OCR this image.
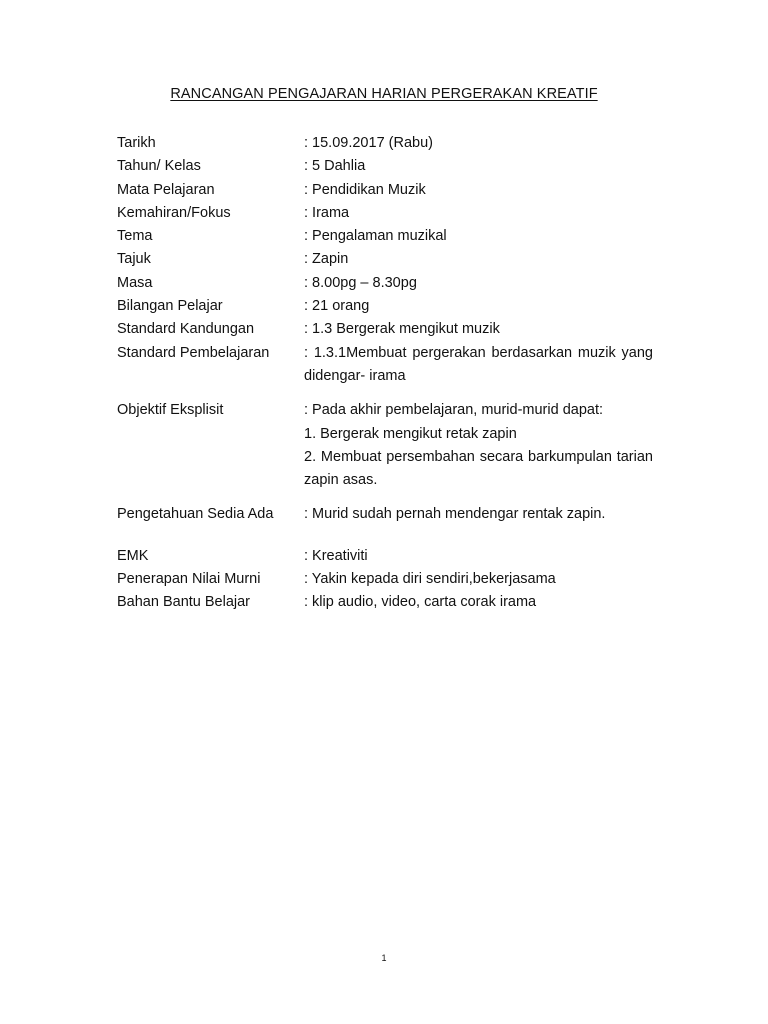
RANCANGAN PENGAJARAN HARIAN PERGERAKAN KREATIF
Tarikh	: 15.09.2017 (Rabu)
Tahun/ Kelas	: 5 Dahlia
Mata Pelajaran	: Pendidikan Muzik
Kemahiran/Fokus	: Irama
Tema	: Pengalaman muzikal
Tajuk	: Zapin
Masa	: 8.00pg – 8.30pg
Bilangan Pelajar	: 21 orang
Standard Kandungan	: 1.3 Bergerak mengikut muzik
Standard Pembelajaran	: 1.3.1Membuat pergerakan berdasarkan muzik yang didengar- irama
Objektif Eksplisit	: Pada akhir pembelajaran, murid-murid dapat:
1. Bergerak mengikut retak zapin
2. Membuat persembahan secara barkumpulan tarian zapin asas.
Pengetahuan Sedia Ada	: Murid sudah pernah mendengar rentak zapin.
EMK	: Kreativiti
Penerapan Nilai Murni	: Yakin kepada diri sendiri,bekerjasama
Bahan Bantu Belajar	: klip audio, video, carta corak irama
1
